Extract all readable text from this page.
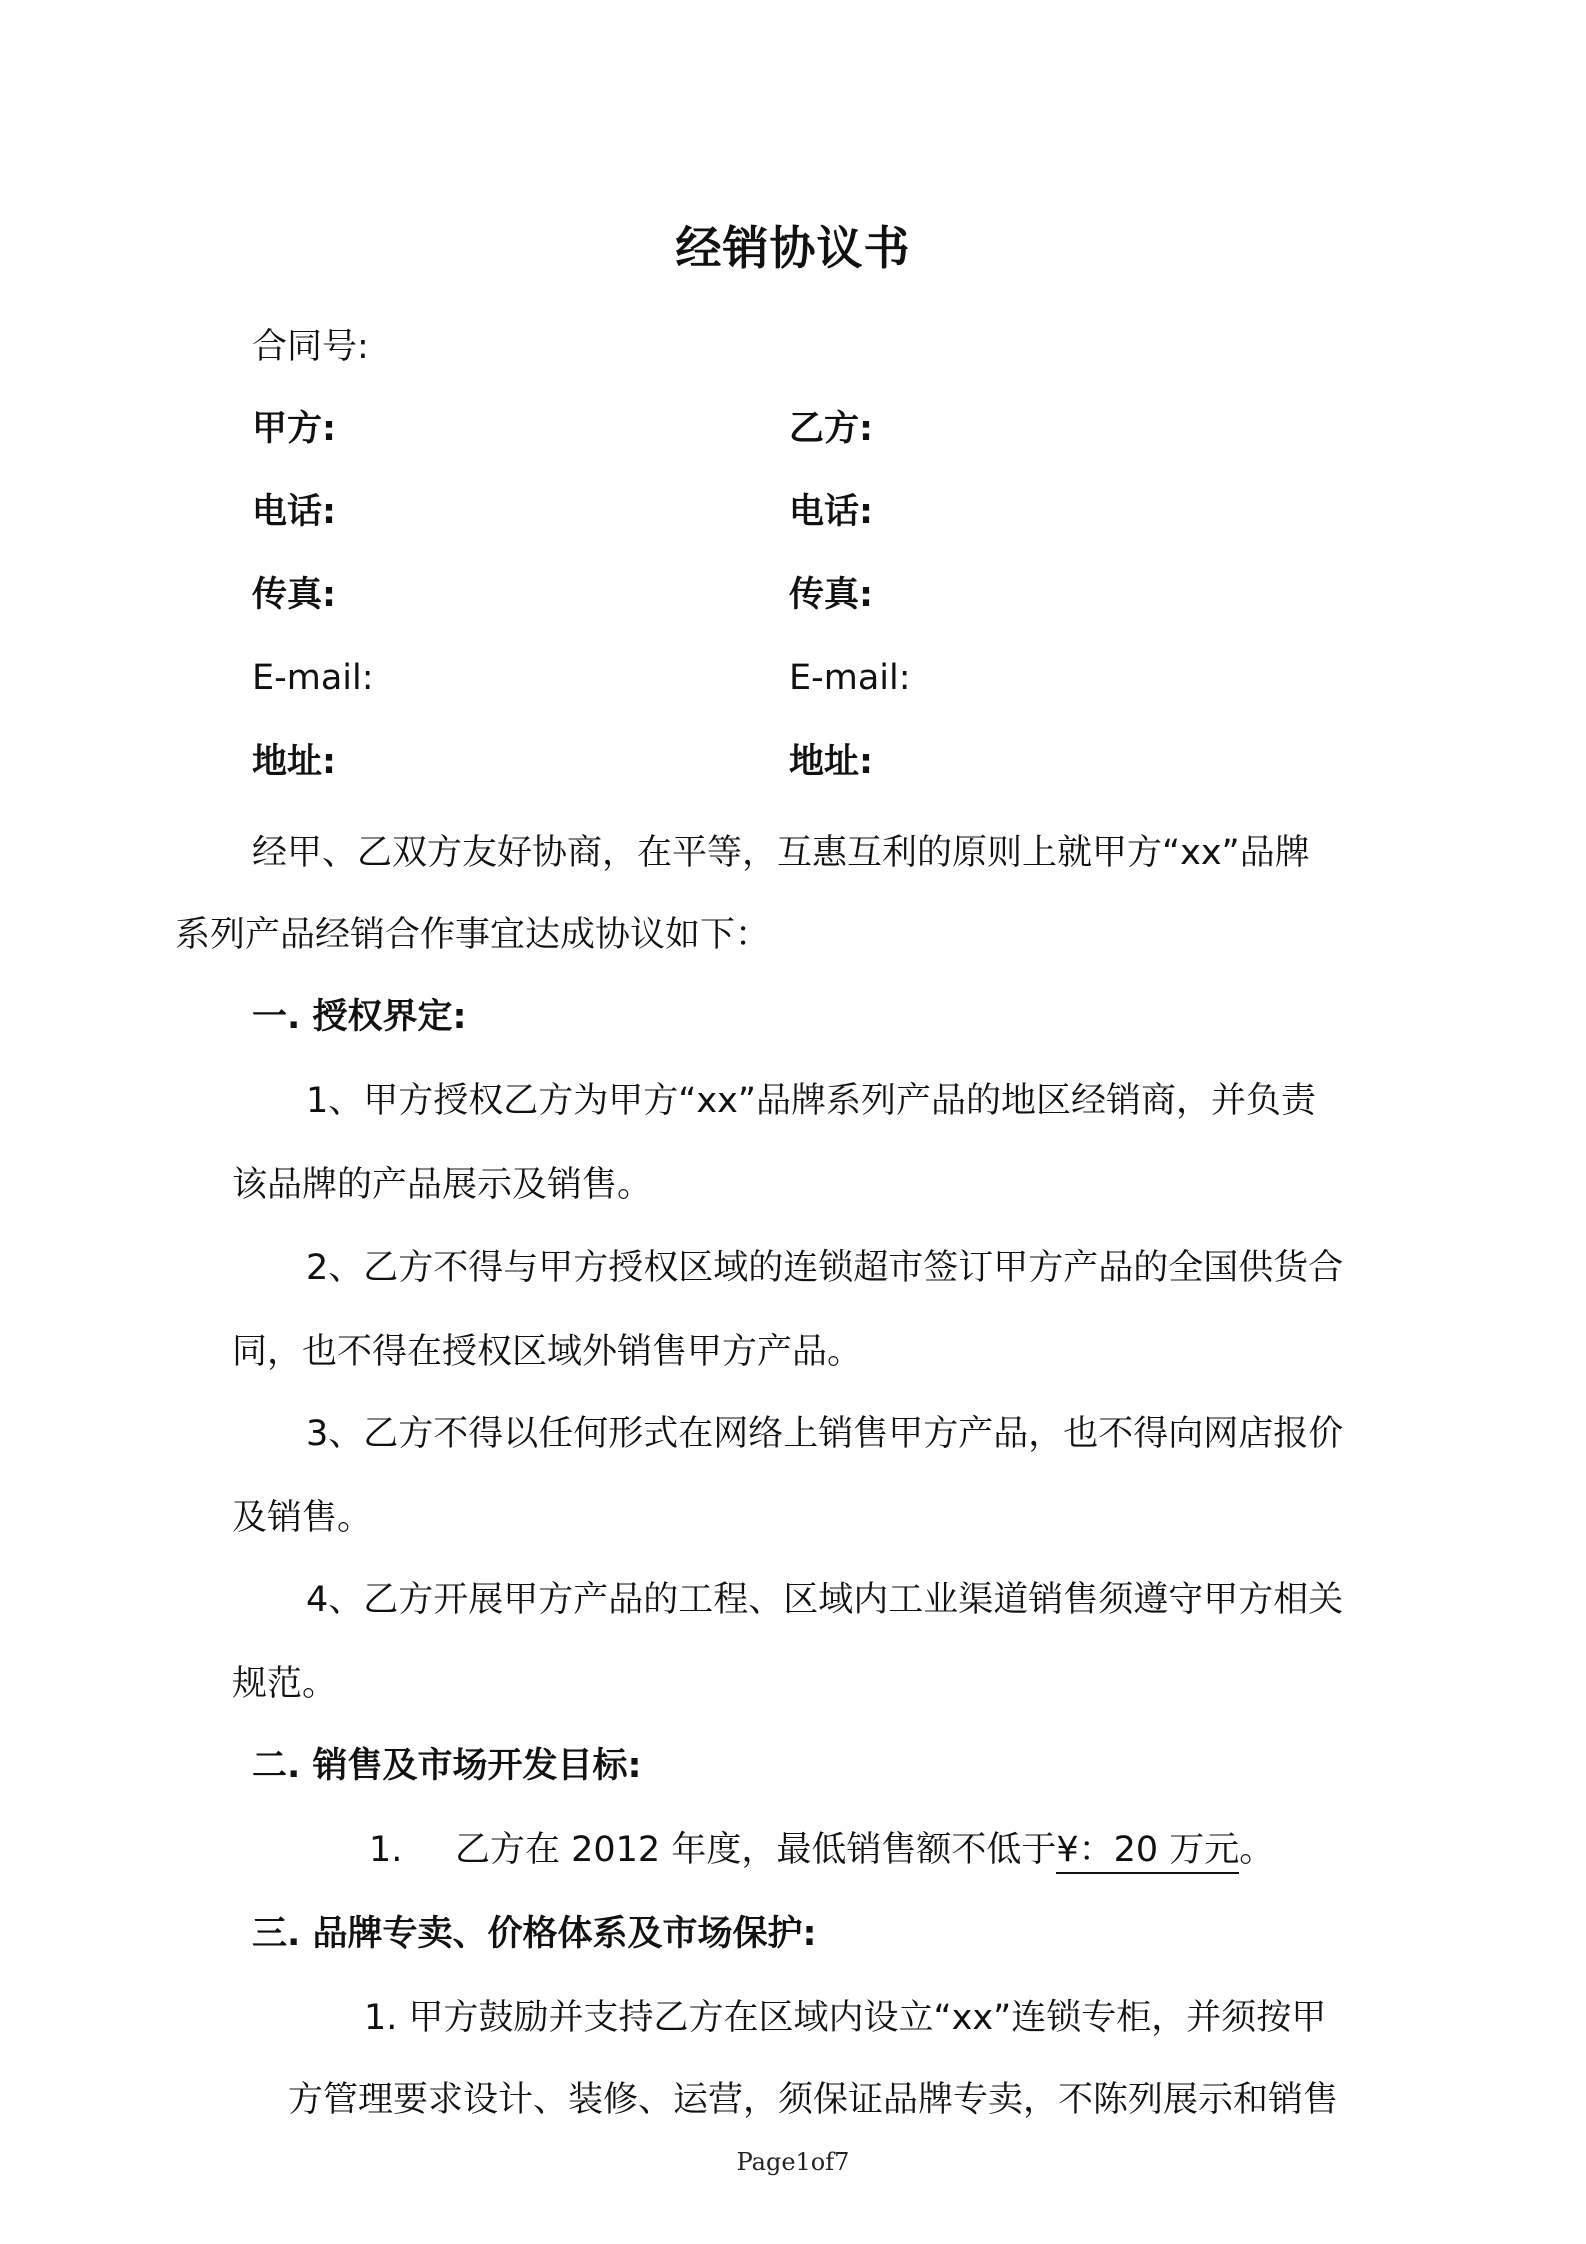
经销协议书
合同号:
甲方:	乙方:
电话:	电话:
传真:	传真:
E-mail:	E-mail:
地址:	地址:
经甲、乙双方友好协商，在平等，互惠互利的原则上就甲方“xx”品牌
系列产品经销合作事宜达成协议如下：
一. 授权界定:
1、甲方授权乙方为甲方“xx”品牌系列产品的地区经销商，并负责
该品牌的产品展示及销售。
2、乙方不得与甲方授权区域的连锁超市签订甲方产品的全国供货合
同，也不得在授权区域外销售甲方产品。
3、乙方不得以任何形式在网络上销售甲方产品，也不得向网店报价
及销售。
4、乙方开展甲方产品的工程、区域内工业渠道销售须遵守甲方相关
规范。
二. 销售及市场开发目标:
1. 乙方在 2012 年度，最低销售额不低于¥：20 万元。
三. 品牌专卖、价格体系及市场保护:
1. 甲方鼓励并支持乙方在区域内设立“xx”连锁专柜，并须按甲
方管理要求设计、装修、运营，须保证品牌专卖，不陈列展示和销售
Page1of7
